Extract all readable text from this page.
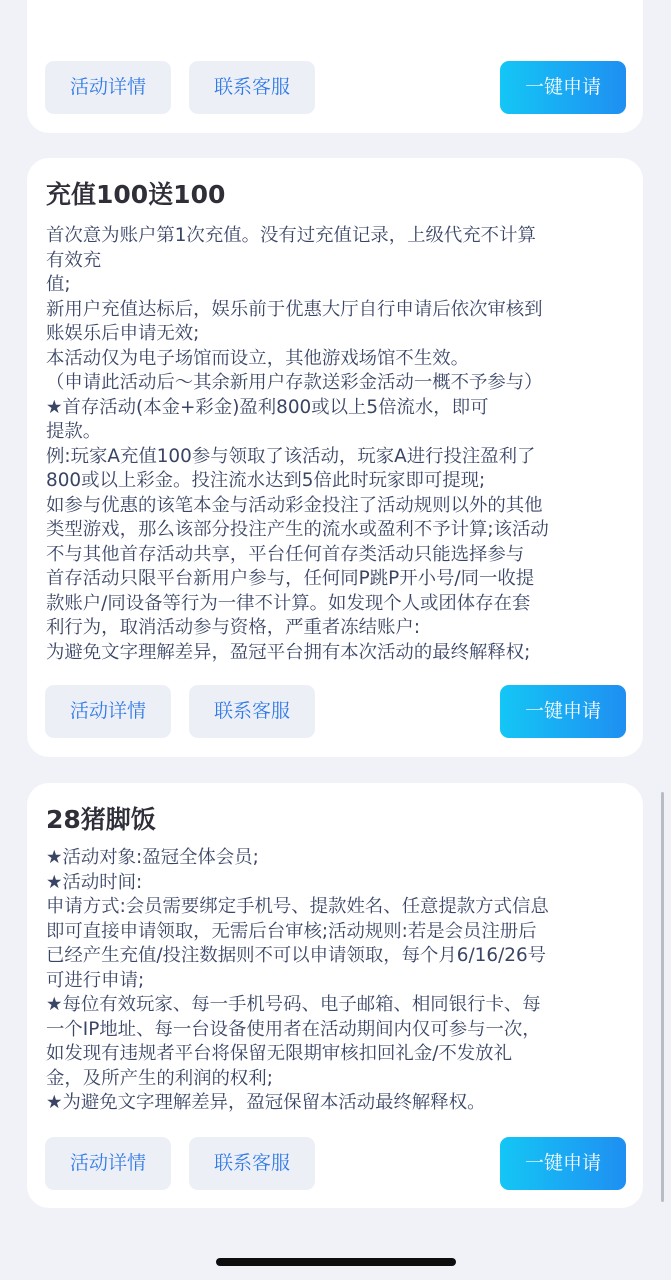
活动详情	联系客服	一键申请
充值100送100
首次意为账户第1次充值。没有过充值记录，上级代充不计算
有效充
值;
新用户充值达标后，娱乐前于优惠大厅自行申请后依次审核到
账娱乐后申请无效;
本活动仅为电子场馆而设立，其他游戏场馆不生效。
（申请此活动后～其余新用户存款送彩金活动一概不予参与）
★首存活动(本金+彩金)盈利800或以上5倍流水，即可
提款。
例:玩家A充值100参与领取了该活动，玩家A进行投注盈利了
800或以上彩金。投注流水达到5倍此时玩家即可提现;
如参与优惠的该笔本金与活动彩金投注了活动规则以外的其他
类型游戏，那么该部分投注产生的流水或盈利不予计算;该活动
不与其他首存活动共享，平台任何首存类活动只能选择参与
首存活动只限平台新用户参与，任何同P跳P开小号/同一收提
款账户/同设备等行为一律不计算。如发现个人或团体存在套
利行为，取消活动参与资格，严重者冻结账户:
为避免文字理解差异，盈冠平台拥有本次活动的最终解释权;
活动详情	联系客服	一键申请
28猪脚饭
★活动对象:盈冠全体会员;
★活动时间:
申请方式:会员需要绑定手机号、提款姓名、任意提款方式信息
即可直接申请领取，无需后台审核;活动规则:若是会员注册后
已经产生充值/投注数据则不可以申请领取，每个月6/16/26号
可进行申请;
★每位有效玩家、每一手机号码、电子邮箱、相同银行卡、每
一个IP地址、每一台设备使用者在活动期间内仅可参与一次，
如发现有违规者平台将保留无限期审核扣回礼金/不发放礼
金，及所产生的利润的权利;
★为避免文字理解差异，盈冠保留本活动最终解释权。
活动详情	联系客服	一键申请
